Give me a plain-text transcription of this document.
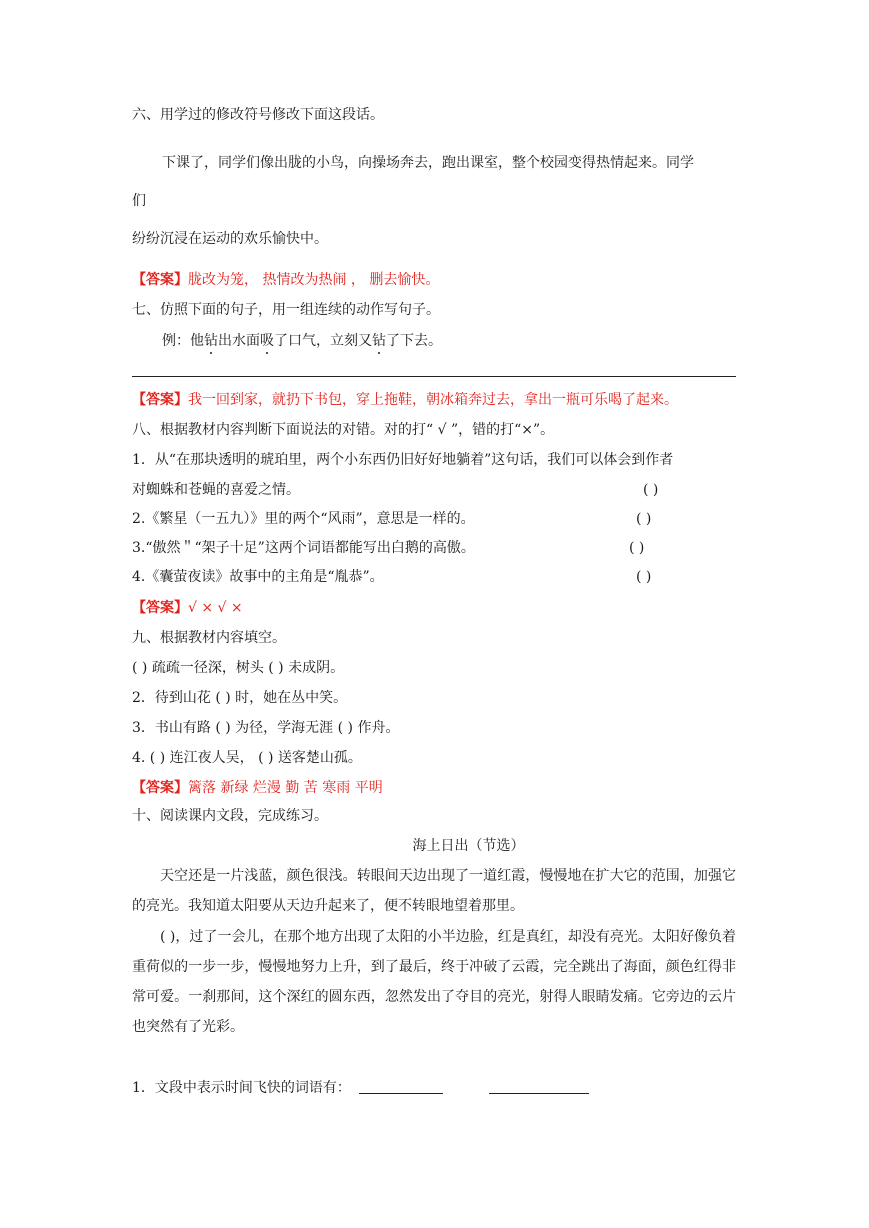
六、用学过的修改符号修改下面这段话。
下课了，同学们像出胧的小鸟，向操场奔去，跑出课室，整个校园变得热情起来。同学
们
纷纷沉浸在运动的欢乐愉快中。
【答案】胧改为笼， 热情改为热闹 ， 删去愉快。
七、仿照下面的句子，用一组连续的动作写句子。
例：他钻出水面吸了口气，立刻又钻了下去。
【答案】我一回到家，就扔下书包，穿上拖鞋，朝冰箱奔过去，拿出一瓶可乐喝了起来。
八、根据教材内容判断下面说法的对错。对的打“ √ ”，错的打“×”。
1．从“在那块透明的琥珀里，两个小东西仍旧好好地躺着”这句话，我们可以体会到作者
对蜘蛛和苍蝇的喜爱之情。	( )
2.《繁星（一五九）》里的两个“风雨”，意思是一样的。	( )
3.“傲然＂“架子十足”这两个词语都能写出白鹅的高傲。	( )
4.《囊萤夜读》故事中的主角是“胤恭”。	( )
【答案】√ × √ ×
九、根据教材内容填空。
( ) 疏疏一径深，树头 ( ) 未成阴。
2．待到山花 ( ) 时，她在丛中笑。
3．书山有路 ( ) 为径，学海无涯 ( ) 作舟。
4. ( ) 连江夜人吴， ( ) 送客楚山孤。
【答案】篱落 新绿 烂漫 勤 苦 寒雨 平明
十、阅读课内文段，完成练习。
海上日出（节选）
天空还是一片浅蓝，颜色很浅。转眼间天边出现了一道红霞，慢慢地在扩大它的范围，加强它的亮光。我知道太阳要从天边升起来了，便不转眼地望着那里。
( )，过了一会儿，在那个地方出现了太阳的小半边脸，红是真红，却没有亮光。太阳好像负着重荷似的一步一步，慢慢地努力上升，到了最后，终于冲破了云霞，完全跳出了海面，颜色红得非常可爱。一刹那间，这个深红的圆东西，忽然发出了夺目的亮光，射得人眼睛发痛。它旁边的云片也突然有了光彩。
1．文段中表示时间飞快的词语有：
